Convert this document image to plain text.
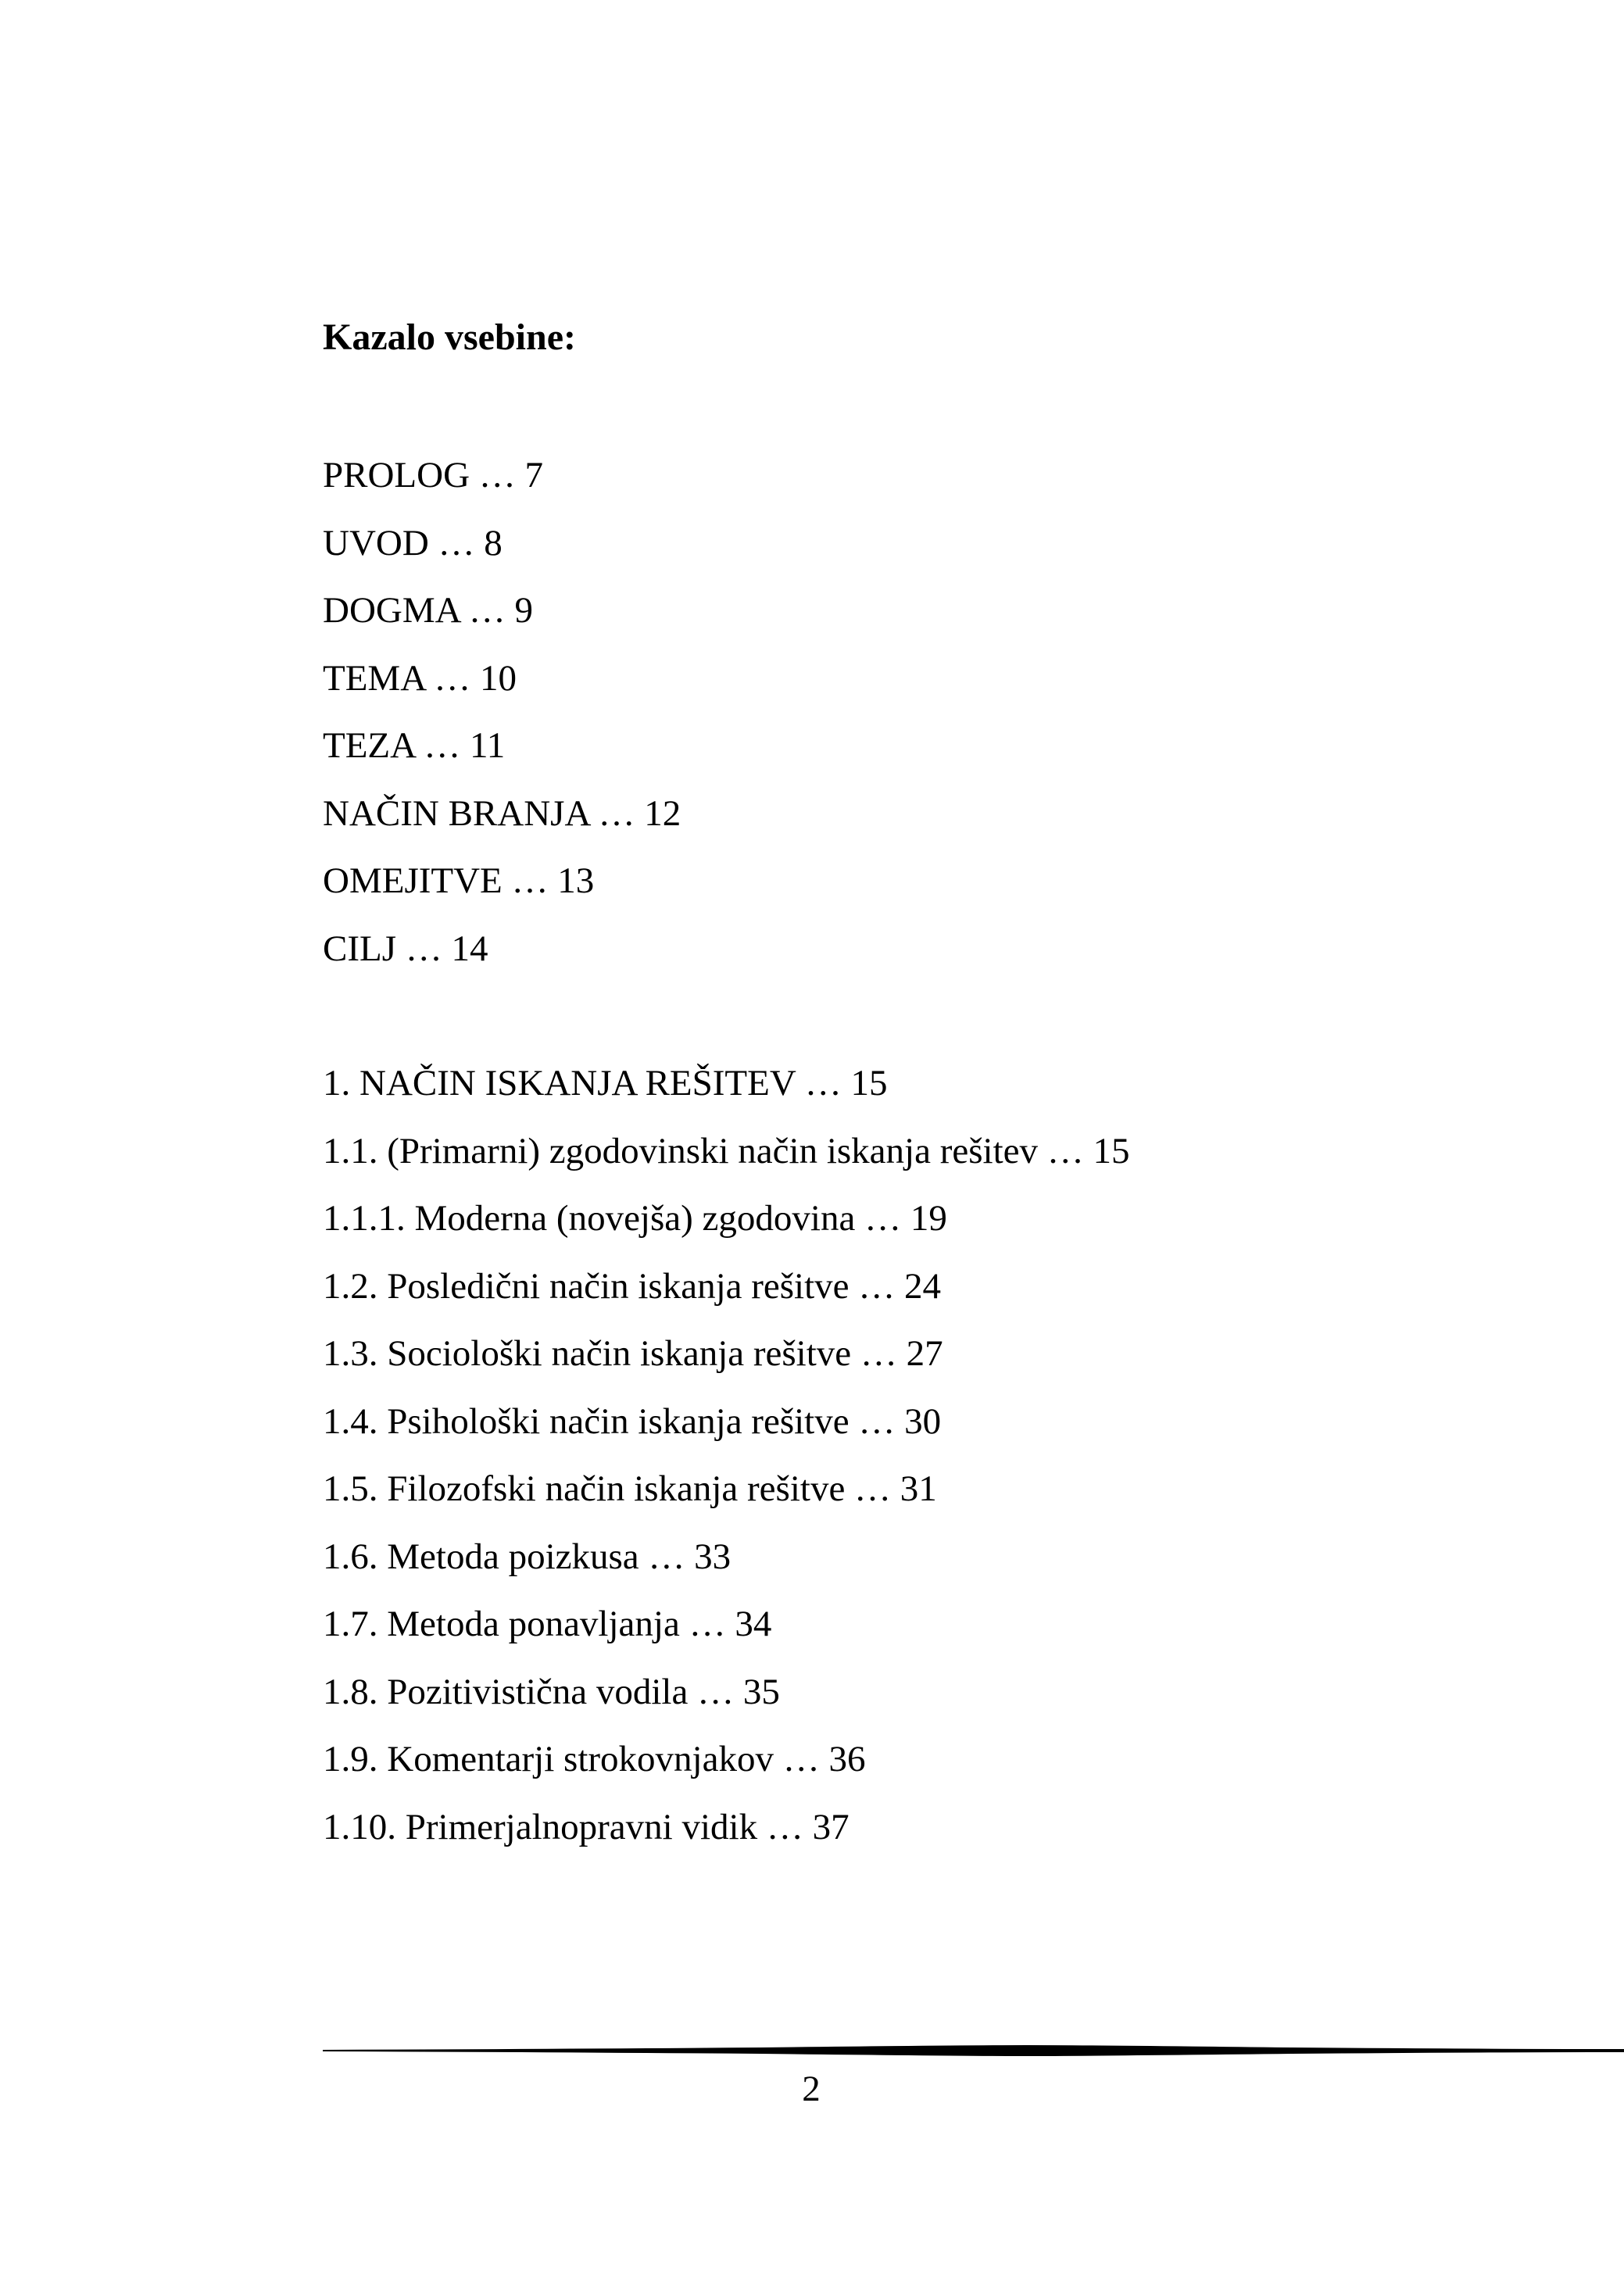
Kazalo vsebine:
PROLOG … 7
UVOD … 8
DOGMA … 9
TEMA … 10
TEZA … 11
NAČIN BRANJA … 12
OMEJITVE … 13
CILJ … 14
1. NAČIN ISKANJA REŠITEV … 15
1.1. (Primarni) zgodovinski način iskanja rešitev … 15
1.1.1. Moderna (novejša) zgodovina … 19
1.2. Posledični način iskanja rešitve … 24
1.3. Sociološki način iskanja rešitve … 27
1.4. Psihološki način iskanja rešitve … 30
1.5. Filozofski način iskanja rešitve … 31
1.6. Metoda poizkusa … 33
1.7. Metoda ponavljanja … 34
1.8. Pozitivistična vodila … 35
1.9. Komentarji strokovnjakov … 36
1.10. Primerjalnopravni vidik … 37
2
